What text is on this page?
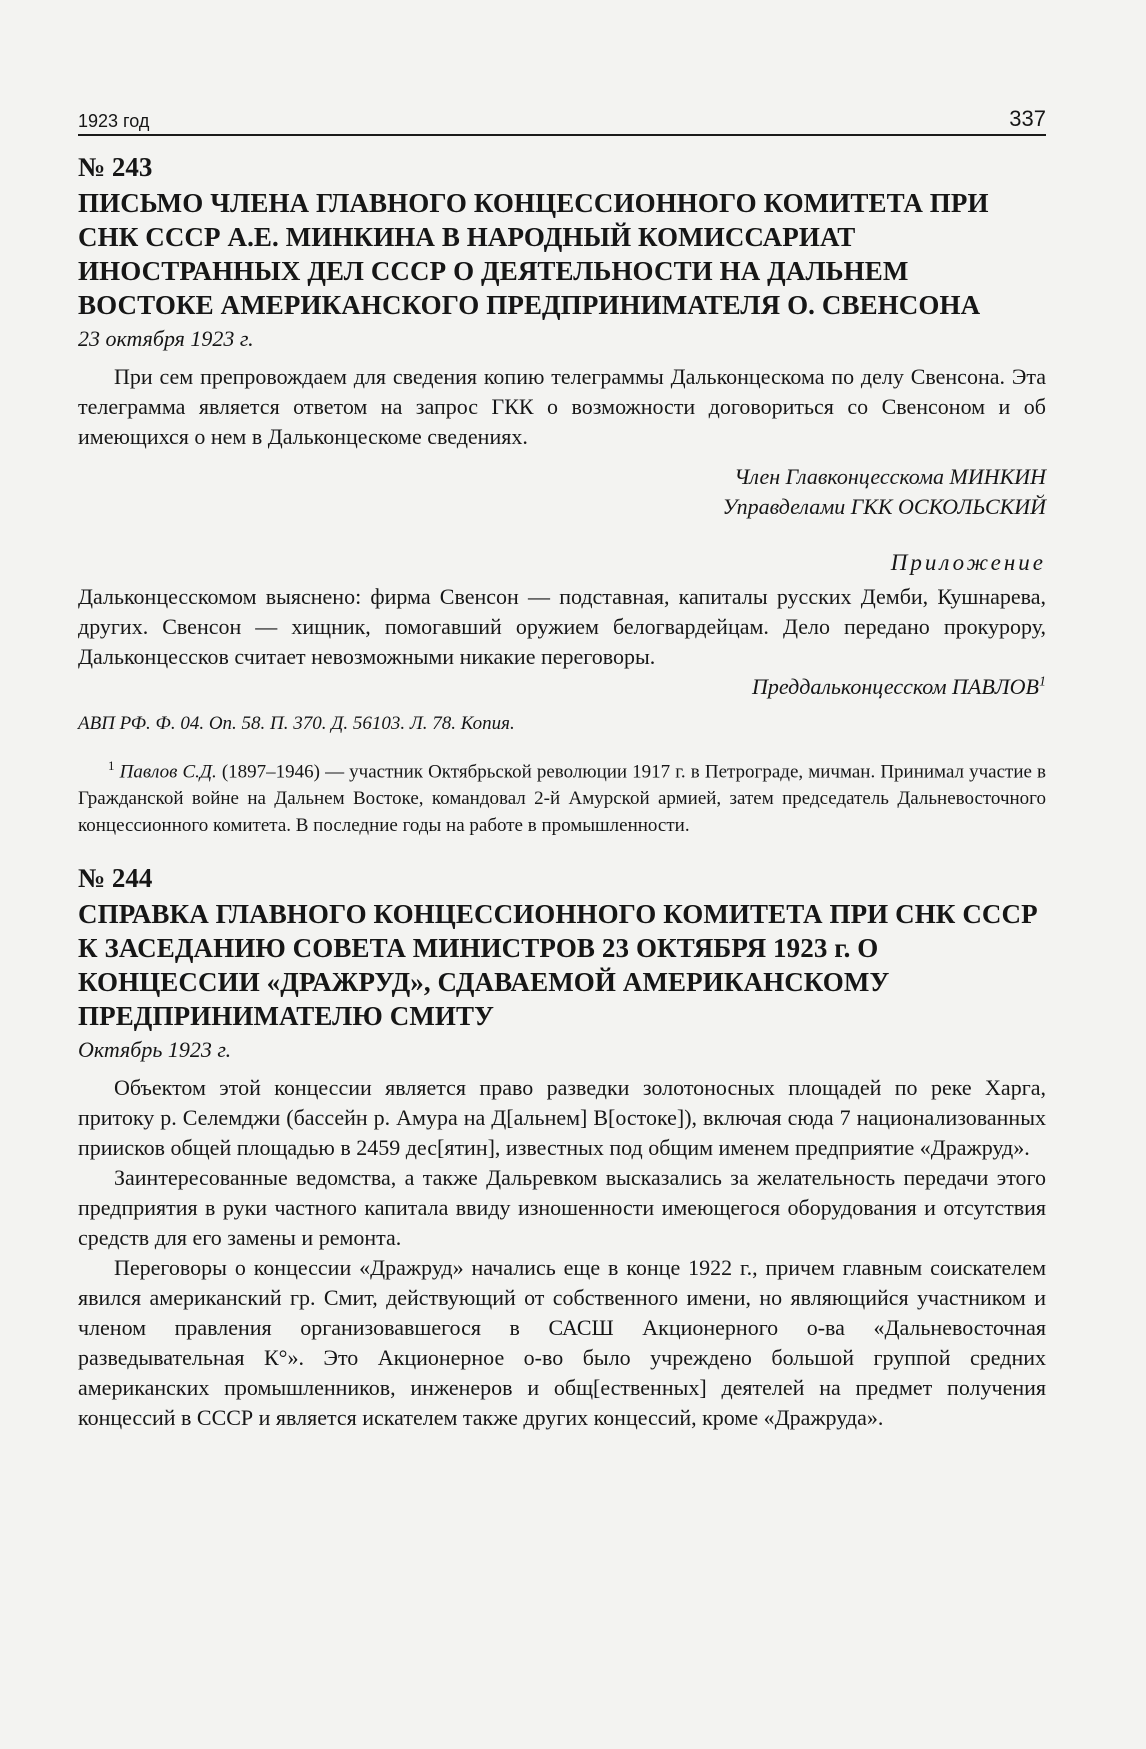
1923 год	337
№ 243
ПИСЬМО ЧЛЕНА ГЛАВНОГО КОНЦЕССИОННОГО КОМИТЕТА ПРИ СНК СССР А.Е. МИНКИНА В НАРОДНЫЙ КОМИССАРИАТ ИНОСТРАННЫХ ДЕЛ СССР О ДЕЯТЕЛЬНОСТИ НА ДАЛЬНЕМ ВОСТОКЕ АМЕРИКАНСКОГО ПРЕДПРИНИМАТЕЛЯ О. СВЕНСОНА
23 октября 1923 г.

При сем препровождаем для сведения копию телеграммы Дальконцескома по делу Свенсона. Эта телеграмма является ответом на запрос ГКК о возможности договориться со Свенсоном и об имеющихся о нем в Дальконцескоме сведениях.

Член Главконцесскома МИНКИН

Управделами ГКК ОСКОЛЬСКИЙ

Приложение

Дальконцесскомом выяснено: фирма Свенсон — подставная, капиталы русских Демби, Кушнарева, других. Свенсон — хищник, помогавший оружием белогвардейцам. Дело передано прокурору, Дальконцессков считает невозможными никакие переговоры.

Преддальконцесском ПАВЛОВ$^1$

АВП РФ. Ф. 04. Оп. 58. П. 370. Д. 56103. Л. 78. Копия.

$^1$ Павлов С.Д. (1897–1946) — участник Октябрьской революции 1917 г. в Петрограде, мичман. Принимал участие в Гражданской войне на Дальнем Востоке, командовал 2-й Амурской армией, затем председатель Дальневосточного концессионного комитета. В последние годы на работе в промышленности.

№ 244
СПРАВКА ГЛАВНОГО КОНЦЕССИОННОГО КОМИТЕТА ПРИ СНК СССР К ЗАСЕДАНИЮ СОВЕТА МИНИСТРОВ 23 ОКТЯБРЯ 1923 г. О КОНЦЕССИИ «ДРАЖРУД», СДАВАЕМОЙ АМЕРИКАНСКОМУ ПРЕДПРИНИМАТЕЛЮ СМИТУ
Октябрь 1923 г.

Объектом этой концессии является право разведки золотоносных площадей по реке Харга, притоку р. Селемджи (бассейн р. Амура на Д[альнем] В[остоке]), включая сюда 7 национализованных приисков общей площадью в 2459 дес[ятин], известных под общим именем предприятие «Дражруд».

Заинтересованные ведомства, а также Дальревком высказались за желательность передачи этого предприятия в руки частного капитала ввиду изношенности имеющегося оборудования и отсутствия средств для его замены и ремонта.

Переговоры о концессии «Дражруд» начались еще в конце 1922 г., причем главным соискателем явился американский гр. Смит, действующий от собственного имени, но являющийся участником и членом правления организовавшегося в САСШ Акционерного о-ва «Дальневосточная разведывательная К°». Это Акционерное о-во было учреждено большой группой средних американских промышленников, инженеров и общ[ественных] деятелей на предмет получения концессий в СССР и является искателем также других концессий, кроме «Дражруда».
